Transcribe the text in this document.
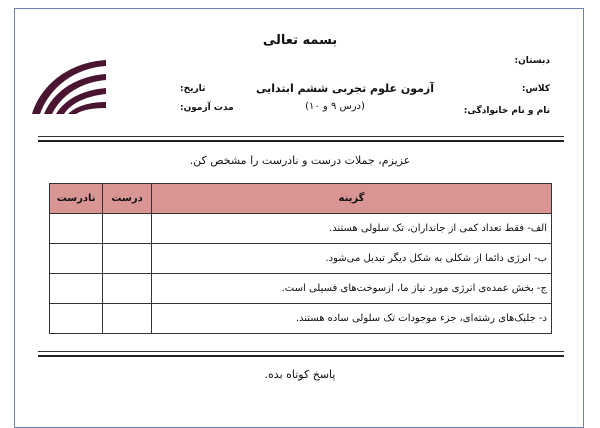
بسمه تعالی
دبستان:
کلاس:
نام و نام خانوادگی:
آزمون علوم تجربی ششم ابتدایی
(درس ۹ و ۱۰)
تاریخ:
مدت آزمون:
عزیزم، جملات درست و نادرست را مشخص کن.
گزینه	درست	نادرست
الف- فقط تعداد کمی از جانداران، تک سلولی هستند.		
ب- انرژی دائما از شکلی به شکل دیگر تبدیل می‌شود.		
ج- بخش عمده‌ی انرژی مورد نیاز ما، ازسوخت‌های فسیلی است.		
د- جلبک‌های رشته‌ای، جزء موجودات تک سلولی ساده هستند.		
پاسخ کوتاه بده.
